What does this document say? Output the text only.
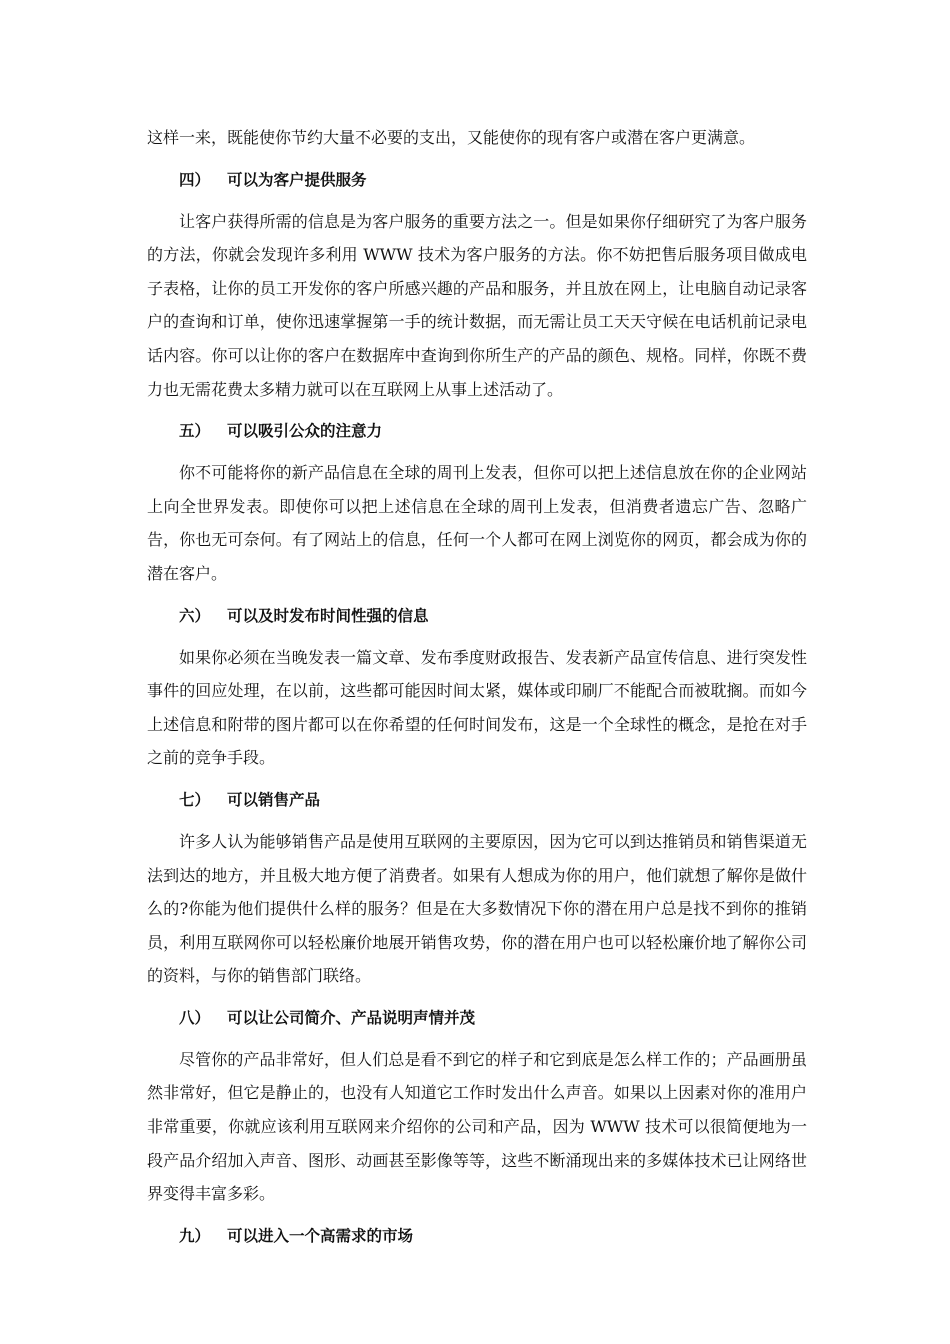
这样一来，既能使你节约大量不必要的支出，又能使你的现有客户或潜在客户更满意。

四） 可以为客户提供服务

让客户获得所需的信息是为客户服务的重要方法之一。但是如果你仔细研究了为客户服务的方法，你就会发现许多利用 WWW 技术为客户服务的方法。你不妨把售后服务项目做成电子表格，让你的员工开发你的客户所感兴趣的产品和服务，并且放在网上，让电脑自动记录客户的查询和订单，使你迅速掌握第一手的统计数据，而无需让员工天天守候在电话机前记录电话内容。你可以让你的客户在数据库中查询到你所生产的产品的颜色、规格。同样，你既不费力也无需花费太多精力就可以在互联网上从事上述活动了。

五） 可以吸引公众的注意力

你不可能将你的新产品信息在全球的周刊上发表，但你可以把上述信息放在你的企业网站上向全世界发表。即使你可以把上述信息在全球的周刊上发表，但消费者遗忘广告、忽略广告，你也无可奈何。有了网站上的信息，任何一个人都可在网上浏览你的网页，都会成为你的潜在客户。

六） 可以及时发布时间性强的信息

如果你必须在当晚发表一篇文章、发布季度财政报告、发表新产品宣传信息、进行突发性事件的回应处理，在以前，这些都可能因时间太紧，媒体或印刷厂不能配合而被耽搁。而如今上述信息和附带的图片都可以在你希望的任何时间发布，这是一个全球性的概念，是抢在对手之前的竞争手段。

七） 可以销售产品

许多人认为能够销售产品是使用互联网的主要原因，因为它可以到达推销员和销售渠道无法到达的地方，并且极大地方便了消费者。如果有人想成为你的用户，他们就想了解你是做什么的?你能为他们提供什么样的服务？但是在大多数情况下你的潜在用户总是找不到你的推销员，利用互联网你可以轻松廉价地展开销售攻势，你的潜在用户也可以轻松廉价地了解你公司的资料，与你的销售部门联络。

八） 可以让公司简介、产品说明声情并茂

尽管你的产品非常好，但人们总是看不到它的样子和它到底是怎么样工作的；产品画册虽然非常好，但它是静止的，也没有人知道它工作时发出什么声音。如果以上因素对你的准用户非常重要，你就应该利用互联网来介绍你的公司和产品，因为 WWW 技术可以很简便地为一段产品介绍加入声音、图形、动画甚至影像等等，这些不断涌现出来的多媒体技术已让网络世界变得丰富多彩。

九） 可以进入一个高需求的市场
